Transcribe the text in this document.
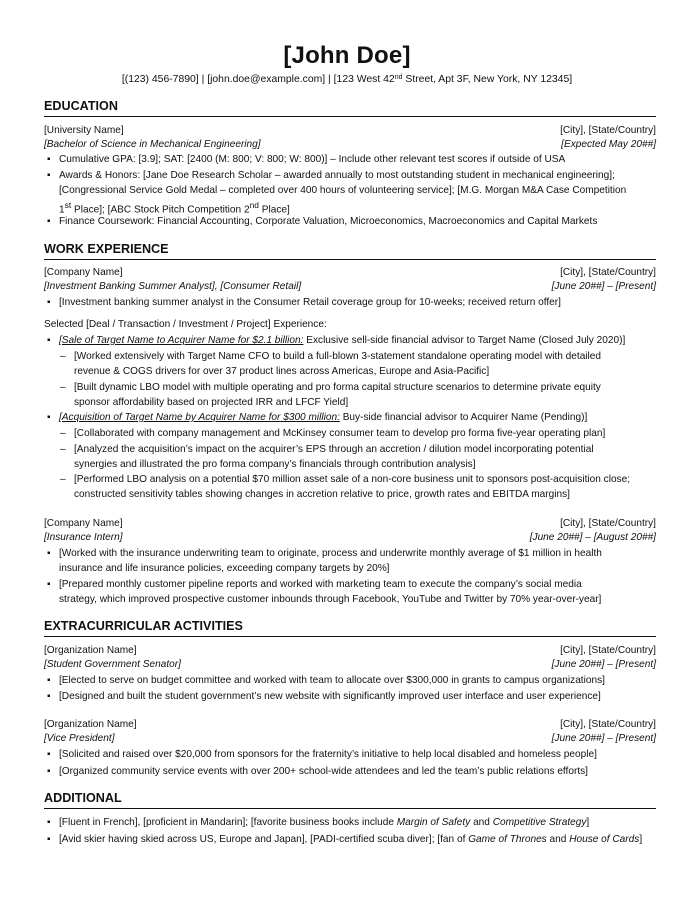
[John Doe]
[(123) 456-7890] | [john.doe@example.com] | [123 West 42nd Street, Apt 3F, New York, NY 12345]
EDUCATION
[University Name]	[City], [State/Country]
[Bachelor of Science in Mechanical Engineering]	[Expected May 20##]
▪ Cumulative GPA: [3.9]; SAT: [2400 (M: 800; V: 800; W: 800)] – Include other relevant test scores if outside of USA
▪ Awards & Honors: [Jane Doe Research Scholar – awarded annually to most outstanding student in mechanical engineering];
[Congressional Service Gold Medal – completed over 400 hours of volunteering service]; [M.G. Morgan M&A Case Competition
1st Place]; [ABC Stock Pitch Competition 2nd Place]
▪ Finance Coursework: Financial Accounting, Corporate Valuation, Microeconomics, Macroeconomics and Capital Markets
WORK EXPERIENCE
[Company Name]	[City], [State/Country]
[Investment Banking Summer Analyst], [Consumer Retail]	[June 20##] – [Present]
▪ [Investment banking summer analyst in the Consumer Retail coverage group for 10-weeks; received return offer]
Selected [Deal / Transaction / Investment / Project] Experience:
▪ [Sale of Target Name to Acquirer Name for $2.1 billion: Exclusive sell-side financial advisor to Target Name (Closed July 2020)]
– [Worked extensively with Target Name CFO to build a full-blown 3-statement standalone operating model with detailed
revenue & COGS drivers for over 37 product lines across Americas, Europe and Asia-Pacific]
– [Built dynamic LBO model with multiple operating and pro forma capital structure scenarios to determine private equity
sponsor affordability based on projected IRR and LFCF Yield]
▪ [Acquisition of Target Name by Acquirer Name for $300 million: Buy-side financial advisor to Acquirer Name (Pending)]
– [Collaborated with company management and McKinsey consumer team to develop pro forma five-year operating plan]
– [Analyzed the acquisition’s impact on the acquirer’s EPS through an accretion / dilution model incorporating potential
synergies and illustrated the pro forma company’s financials through contribution analysis]
– [Performed LBO analysis on a potential $70 million asset sale of a non-core business unit to sponsors post-acquisition close;
constructed sensitivity tables showing changes in accretion relative to price, growth rates and EBITDA margins]
[Company Name]	[City], [State/Country]
[Insurance Intern]	[June 20##] – [August 20##]
▪ [Worked with the insurance underwriting team to originate, process and underwrite monthly average of $1 million in health
insurance and life insurance policies, exceeding company targets by 20%]
▪ [Prepared monthly customer pipeline reports and worked with marketing team to execute the company’s social media
strategy, which improved prospective customer inbounds through Facebook, YouTube and Twitter by 70% year-over-year]
EXTRACURRICULAR ACTIVITIES
[Organization Name]	[City], [State/Country]
[Student Government Senator]	[June 20##] – [Present]
▪ [Elected to serve on budget committee and worked with team to allocate over $300,000 in grants to campus organizations]
▪ [Designed and built the student government’s new website with significantly improved user interface and user experience]
[Organization Name]	[City], [State/Country]
[Vice President]	[June 20##] – [Present]
▪ [Solicited and raised over $20,000 from sponsors for the fraternity’s initiative to help local disabled and homeless people]
▪ [Organized community service events with over 200+ school-wide attendees and led the team’s public relations efforts]
ADDITIONAL
▪ [Fluent in French], [proficient in Mandarin]; [favorite business books include Margin of Safety and Competitive Strategy]
▪ [Avid skier having skied across US, Europe and Japan], [PADI-certified scuba diver]; [fan of Game of Thrones and House of Cards]
